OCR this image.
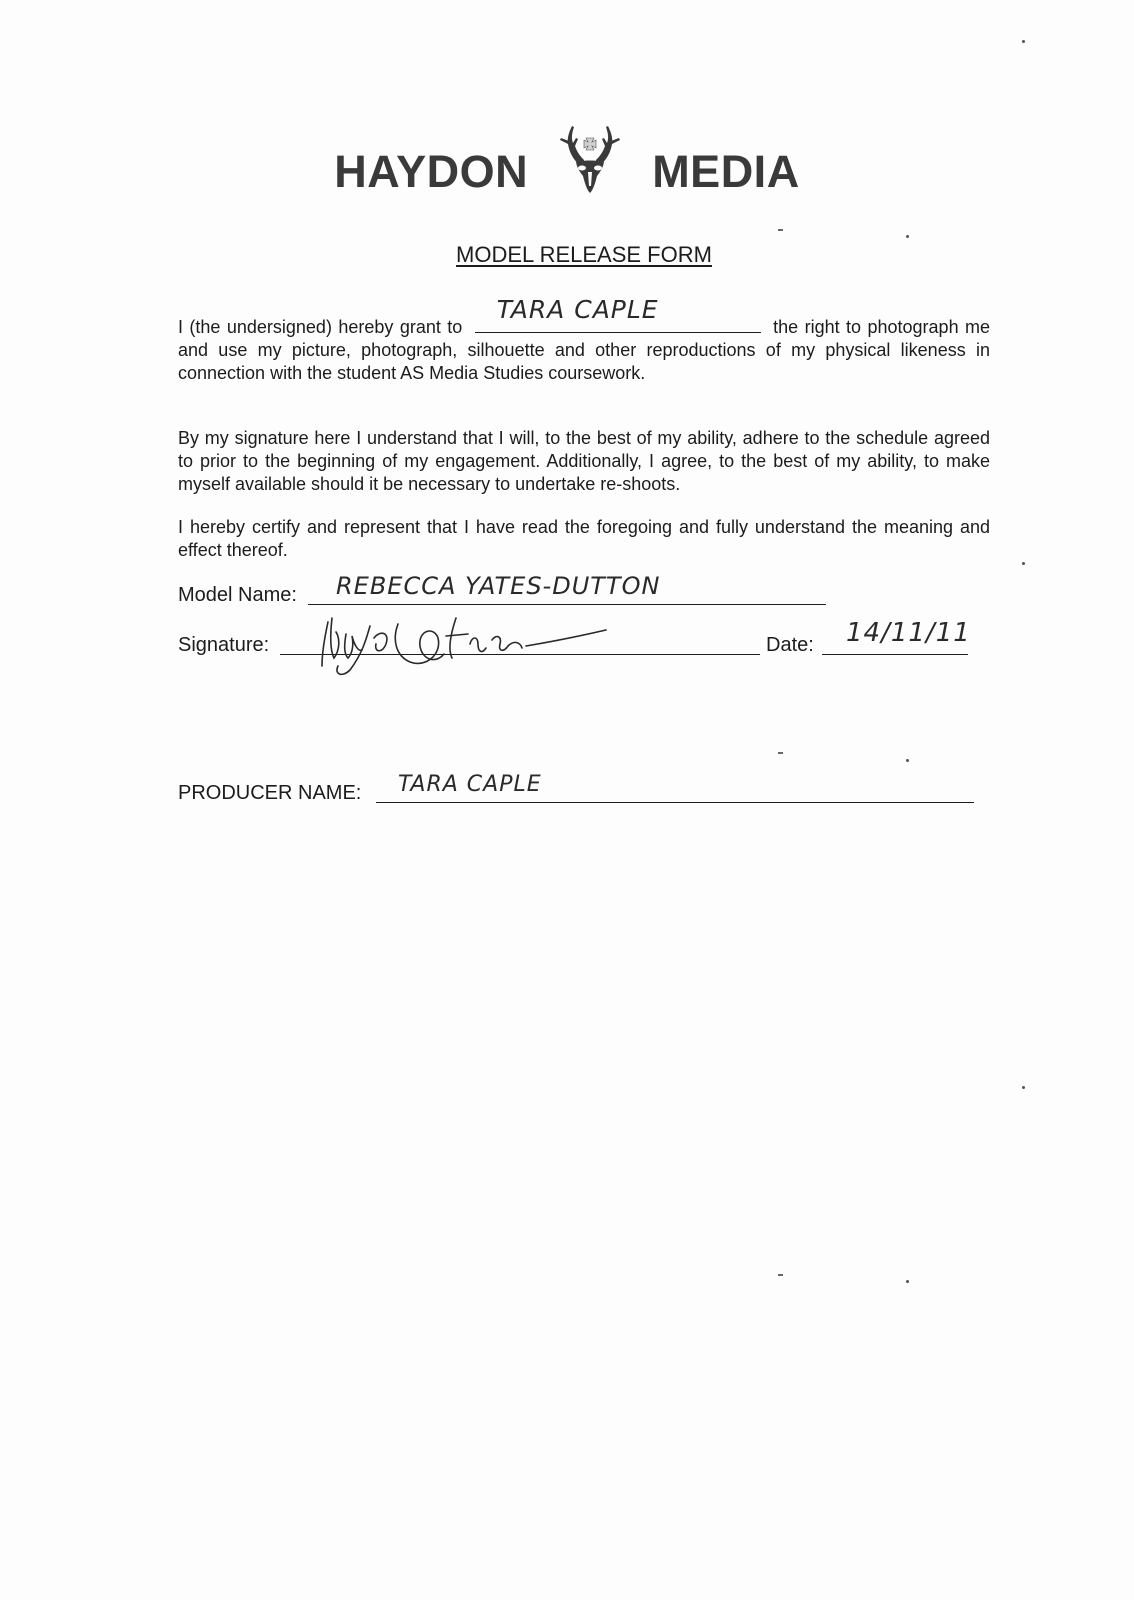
HAYDON	MEDIA
MODEL RELEASE FORM
I (the undersigned) hereby grant to
TARA CAPLE
the right to photograph me and use my picture, photograph, silhouette and other reproductions of my physical likeness in connection with the student AS Media Studies coursework.
By my signature here I understand that I will, to the best of my ability, adhere to the schedule agreed to prior to the beginning of my engagement. Additionally, I agree, to the best of my ability, to make myself available should it be necessary to undertake re-shoots.
I hereby certify and represent that I have read the foregoing and fully understand the meaning and effect thereof.
Model Name: REBECCA YATES-DUTTON
Signature:	Date: 14/11/11
PRODUCER NAME: TARA CAPLE
